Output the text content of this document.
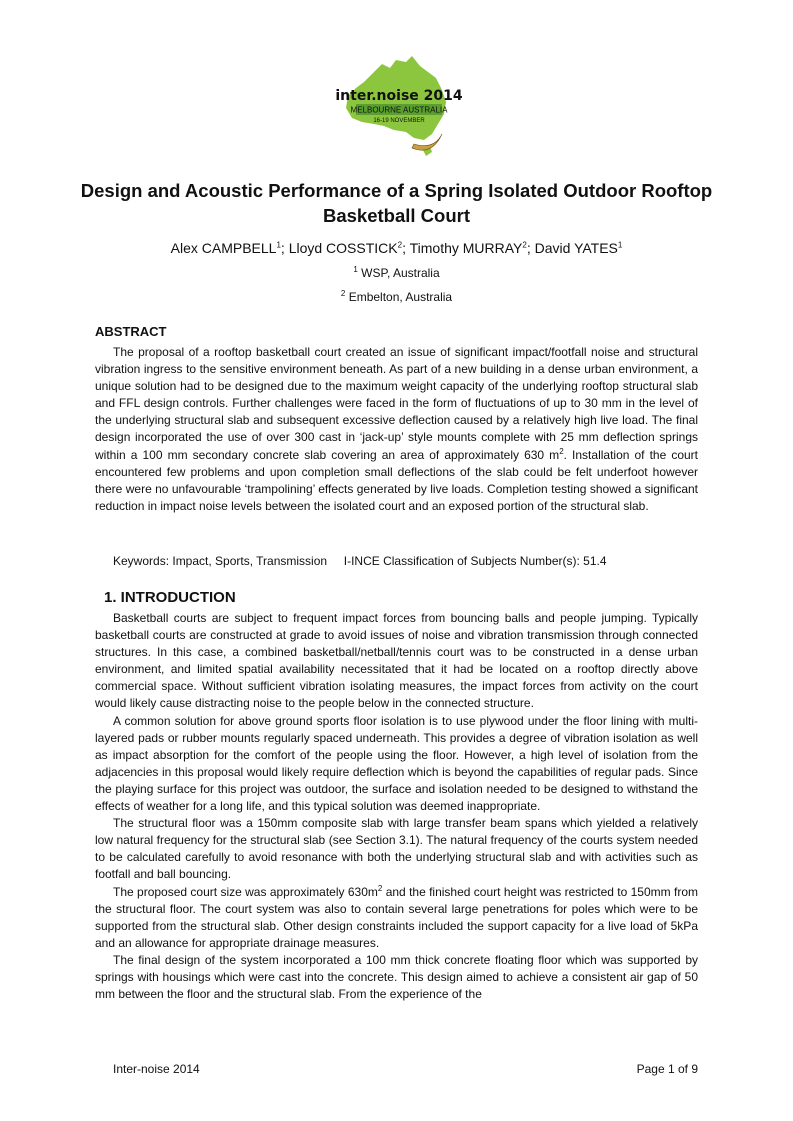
inter.noise 2014
MELBOURNE AUSTRALIA
16-19 NOVEMBER
Design and Acoustic Performance of a Spring Isolated Outdoor Rooftop Basketball Court
Alex CAMPBELL$^1$; Lloyd COSSTICK$^2$; Timothy MURRAY$^2$; David YATES$^1$
$^1$ WSP, Australia
$^2$ Embelton, Australia
ABSTRACT

The proposal of a rooftop basketball court created an issue of significant impact/footfall noise and structural vibration ingress to the sensitive environment beneath. As part of a new building in a dense urban environment, a unique solution had to be designed due to the maximum weight capacity of the underlying rooftop structural slab and FFL design controls. Further challenges were faced in the form of fluctuations of up to 30 mm in the level of the underlying structural slab and subsequent excessive deflection caused by a relatively high live load. The final design incorporated the use of over 300 cast in ‘jack-up’ style mounts complete with 25 mm deflection springs within a 100 mm secondary concrete slab covering an area of approximately 630 $m^2$. Installation of the court encountered few problems and upon completion small deflections of the slab could be felt underfoot however there were no unfavourable ‘trampolining’ effects generated by live loads. Completion testing showed a significant reduction in impact noise levels between the isolated court and an exposed portion of the structural slab.

Keywords: Impact, Sports, Transmission     I-INCE Classification of Subjects Number(s): 51.4
1. INTRODUCTION

Basketball courts are subject to frequent impact forces from bouncing balls and people jumping. Typically basketball courts are constructed at grade to avoid issues of noise and vibration transmission through connected structures. In this case, a combined basketball/netball/tennis court was to be constructed in a dense urban environment, and limited spatial availability necessitated that it had be located on a rooftop directly above commercial space. Without sufficient vibration isolating measures, the impact forces from activity on the court would likely cause distracting noise to the people below in the connected structure.

A common solution for above ground sports floor isolation is to use plywood under the floor lining with multi-layered pads or rubber mounts regularly spaced underneath. This provides a degree of vibration isolation as well as impact absorption for the comfort of the people using the floor. However, a high level of isolation from the adjacencies in this proposal would likely require deflection which is beyond the capabilities of regular pads. Since the playing surface for this project was outdoor, the surface and isolation needed to be designed to withstand the effects of weather for a long life, and this typical solution was deemed inappropriate.

The structural floor was a 150mm composite slab with large transfer beam spans which yielded a relatively low natural frequency for the structural slab (see Section 3.1). The natural frequency of the courts system needed to be calculated carefully to avoid resonance with both the underlying structural slab and with activities such as footfall and ball bouncing.

The proposed court size was approximately $630m^2$ and the finished court height was restricted to 150mm from the structural floor. The court system was also to contain several large penetrations for poles which were to be supported from the structural slab. Other design constraints included the support capacity for a live load of 5kPa and an allowance for appropriate drainage measures.

The final design of the system incorporated a 100 mm thick concrete floating floor which was supported by springs with housings which were cast into the concrete. This design aimed to achieve a consistent air gap of 50 mm between the floor and the structural slab. From the experience of the

Inter-noise 2014	Page 1 of 9
